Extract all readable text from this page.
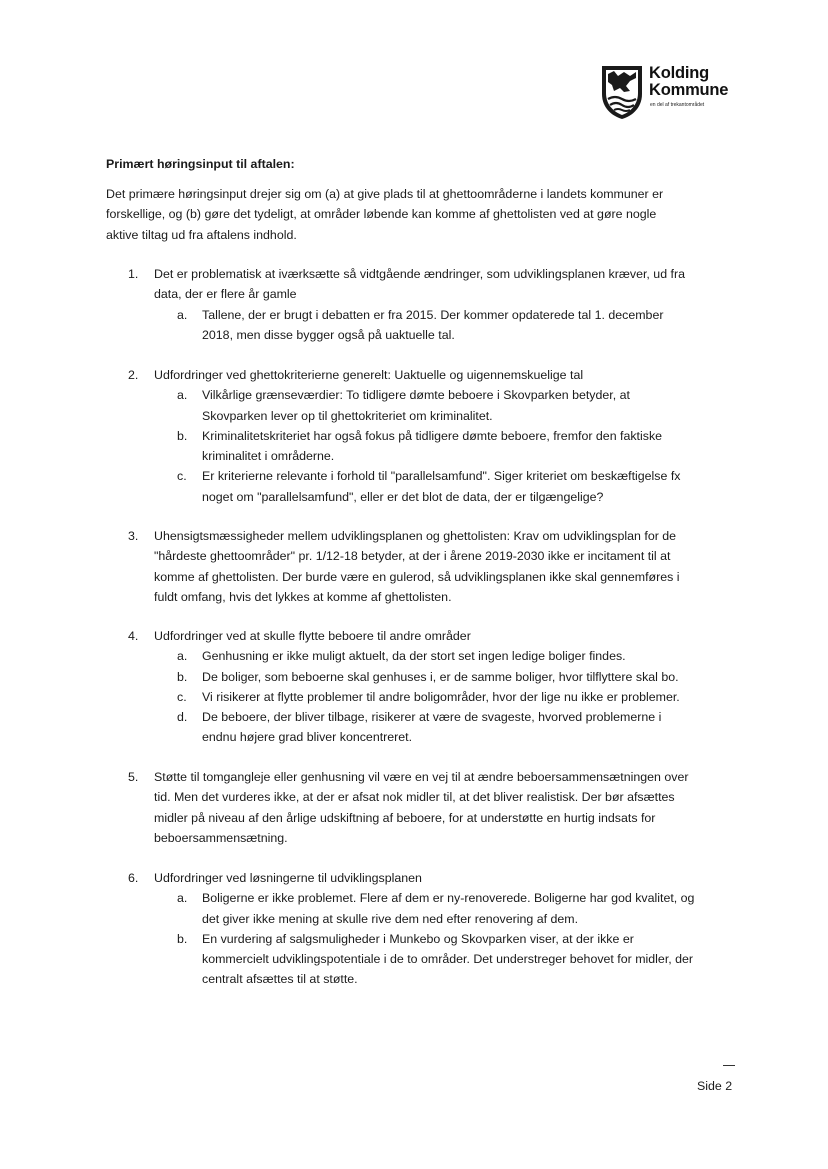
Kolding
Kommune
en del af trekantområdet
Primært høringsinput til aftalen:
Det primære høringsinput drejer sig om (a) at give plads til at ghettoområderne i landets kommuner er
forskellige, og (b) gøre det tydeligt, at områder løbende kan komme af ghettolisten ved at gøre nogle
aktive tiltag ud fra aftalens indhold.
1. Det er problematisk at iværksætte så vidtgående ændringer, som udviklingsplanen kræver, ud fra
data, der er flere år gamle
a. Tallene, der er brugt i debatten er fra 2015. Der kommer opdaterede tal 1. december
2018, men disse bygger også på uaktuelle tal.
2. Udfordringer ved ghettokriterierne generelt: Uaktuelle og uigennemskuelige tal
a. Vilkårlige grænseværdier: To tidligere dømte beboere i Skovparken betyder, at
Skovparken lever op til ghettokriteriet om kriminalitet.
b. Kriminalitetskriteriet har også fokus på tidligere dømte beboere, fremfor den faktiske
kriminalitet i områderne.
c. Er kriterierne relevante i forhold til "parallelsamfund". Siger kriteriet om beskæftigelse fx
noget om "parallelsamfund", eller er det blot de data, der er tilgængelige?
3. Uhensigtsmæssigheder mellem udviklingsplanen og ghettolisten: Krav om udviklingsplan for de
"hårdeste ghettoområder" pr. 1/12-18 betyder, at der i årene 2019-2030 ikke er incitament til at
komme af ghettolisten. Der burde være en gulerod, så udviklingsplanen ikke skal gennemføres i
fuldt omfang, hvis det lykkes at komme af ghettolisten.
4. Udfordringer ved at skulle flytte beboere til andre områder
a. Genhusning er ikke muligt aktuelt, da der stort set ingen ledige boliger findes.
b. De boliger, som beboerne skal genhuses i, er de samme boliger, hvor tilflyttere skal bo.
c. Vi risikerer at flytte problemer til andre boligområder, hvor der lige nu ikke er problemer.
d. De beboere, der bliver tilbage, risikerer at være de svageste, hvorved problemerne i
endnu højere grad bliver koncentreret.
5. Støtte til tomgangleje eller genhusning vil være en vej til at ændre beboersammensætningen over
tid. Men det vurderes ikke, at der er afsat nok midler til, at det bliver realistisk. Der bør afsættes
midler på niveau af den årlige udskiftning af beboere, for at understøtte en hurtig indsats for
beboersammensætning.
6. Udfordringer ved løsningerne til udviklingsplanen
a. Boligerne er ikke problemet. Flere af dem er ny-renoverede. Boligerne har god kvalitet, og
det giver ikke mening at skulle rive dem ned efter renovering af dem.
b. En vurdering af salgsmuligheder i Munkebo og Skovparken viser, at der ikke er
kommercielt udviklingspotentiale i de to områder. Det understreger behovet for midler, der
centralt afsættes til at støtte.
Side 2
